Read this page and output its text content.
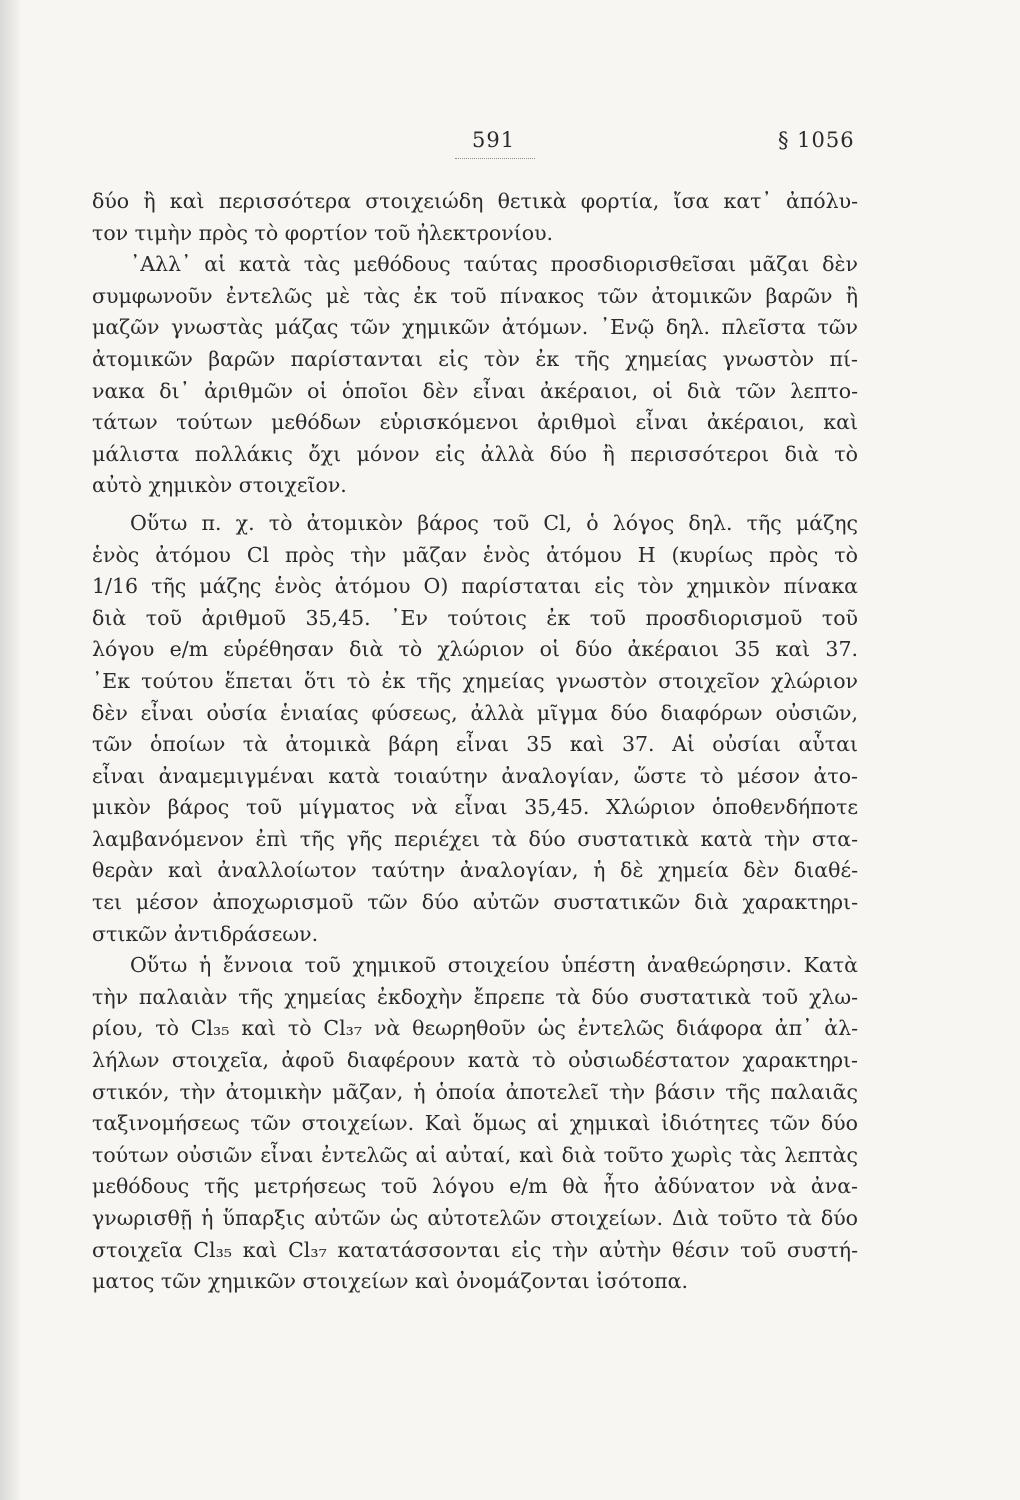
591	§ 1056
δύο ἢ καὶ περισσότερα στοιχειώδη θετικὰ φορτία, ἴσα κατ᾽ ἀπόλυ-
τον τιμὴν πρὸς τὸ φορτίον τοῦ ἠλεκτρονίου.
᾽Αλλ᾽ αἱ κατὰ τὰς μεθόδους ταύτας προσδιορισθεῖσαι μᾶζαι δὲν
συμφωνοῦν ἐντελῶς μὲ τὰς ἐκ τοῦ πίνακος τῶν ἀτομικῶν βαρῶν ἢ
μαζῶν γνωστὰς μάζας τῶν χημικῶν ἀτόμων. ᾽Ενῷ δηλ. πλεῖστα τῶν
ἀτομικῶν βαρῶν παρίστανται εἰς τὸν ἐκ τῆς χημείας γνωστὸν πί-
νακα δι᾽ ἀριθμῶν οἱ ὁποῖοι δὲν εἶναι ἀκέραιοι, οἱ διὰ τῶν λεπτο-
τάτων τούτων μεθόδων εὑρισκόμενοι ἀριθμοὶ εἶναι ἀκέραιοι, καὶ
μάλιστα πολλάκις ὄχι μόνον εἰς ἀλλὰ δύο ἢ περισσότεροι διὰ τὸ
αὐτὸ χημικὸν στοιχεῖον.
Οὕτω π. χ. τὸ ἀτομικὸν βάρος τοῦ Cl, ὁ λόγος δηλ. τῆς μάζης
ἑνὸς ἀτόμου Cl πρὸς τὴν μᾶζαν ἑνὸς ἀτόμου Η (κυρίως πρὸς τὸ
1/16 τῆς μάζης ἑνὸς ἀτόμου Ο) παρίσταται εἰς τὸν χημικὸν πίνακα
διὰ τοῦ ἀριθμοῦ 35,45. ᾽Εν τούτοις ἐκ τοῦ προσδιορισμοῦ τοῦ
λόγου e/m εὑρέθησαν διὰ τὸ χλώριον οἱ δύο ἀκέραιοι 35 καὶ 37.
᾽Εκ τούτου ἕπεται ὅτι τὸ ἐκ τῆς χημείας γνωστὸν στοιχεῖον χλώριον
δὲν εἶναι οὐσία ἑνιαίας φύσεως, ἀλλὰ μῖγμα δύο διαφόρων οὐσιῶν,
τῶν ὁποίων τὰ ἀτομικὰ βάρη εἶναι 35 καὶ 37. Αἱ οὐσίαι αὗται
εἶναι ἀναμεμιγμέναι κατὰ τοιαύτην ἀναλογίαν, ὥστε τὸ μέσον ἀτο-
μικὸν βάρος τοῦ μίγματος νὰ εἶναι 35,45. Χλώριον ὁποθενδήποτε
λαμβανόμενον ἐπὶ τῆς γῆς περιέχει τὰ δύο συστατικὰ κατὰ τὴν στα-
θερὰν καὶ ἀναλλοίωτον ταύτην ἀναλογίαν, ἡ δὲ χημεία δὲν διαθέ-
τει μέσον ἀποχωρισμοῦ τῶν δύο αὐτῶν συστατικῶν διὰ χαρακτηρι-
στικῶν ἀντιδράσεων.
Οὕτω ἡ ἔννοια τοῦ χημικοῦ στοιχείου ὑπέστη ἀναθεώρησιν. Κατὰ
τὴν παλαιὰν τῆς χημείας ἐκδοχὴν ἔπρεπε τὰ δύο συστατικὰ τοῦ χλω-
ρίου, τὸ Cl₃₅ καὶ τὸ Cl₃₇ νὰ θεωρηθοῦν ὡς ἐντελῶς διάφορα ἀπ᾽ ἀλ-
λήλων στοιχεῖα, ἀφοῦ διαφέρουν κατὰ τὸ οὐσιωδέστατον χαρακτηρι-
στικόν, τὴν ἀτομικὴν μᾶζαν, ἡ ὁποία ἀποτελεῖ τὴν βάσιν τῆς παλαιᾶς
ταξινομήσεως τῶν στοιχείων. Καὶ ὅμως αἱ χημικαὶ ἰδιότητες τῶν δύο
τούτων οὐσιῶν εἶναι ἐντελῶς αἱ αὐταί, καὶ διὰ τοῦτο χωρὶς τὰς λεπτὰς
μεθόδους τῆς μετρήσεως τοῦ λόγου e/m θὰ ἦτο ἀδύνατον νὰ ἀνα-
γνωρισθῇ ἡ ὕπαρξις αὐτῶν ὡς αὐτοτελῶν στοιχείων. Διὰ τοῦτο τὰ δύο
στοιχεῖα Cl₃₅ καὶ Cl₃₇ κατατάσσονται εἰς τὴν αὐτὴν θέσιν τοῦ συστή-
ματος τῶν χημικῶν στοιχείων καὶ ὀνομάζονται ἰσότοπα.
